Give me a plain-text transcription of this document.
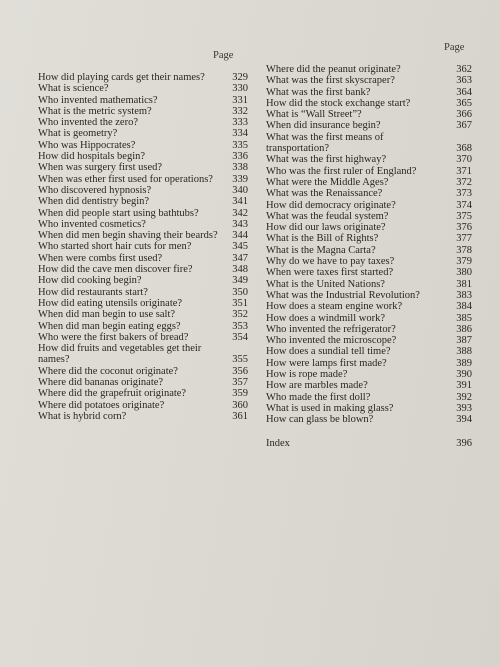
Page
How did playing cards get their names?	329
What is science?	330
Who invented mathematics?	331
What is the metric system?	332
Who invented the zero?	333
What is geometry?	334
Who was Hippocrates?	335
How did hospitals begin?	336
When was surgery first used?	338
When was ether first used for operations?	339
Who discovered hypnosis?	340
When did dentistry begin?	341
When did people start using bathtubs?	342
Who invented cosmetics?	343
When did men begin shaving their beards?	344
Who started short hair cuts for men?	345
When were combs first used?	347
How did the cave men discover fire?	348
How did cooking begin?	349
How did restaurants start?	350
How did eating utensils originate?	351
When did man begin to use salt?	352
When did man begin eating eggs?	353
Who were the first bakers of bread?	354
How did fruits and vegetables get their names?	355
Where did the coconut originate?	356
Where did bananas originate?	357
Where did the grapefruit originate?	359
Where did potatoes originate?	360
What is hybrid corn?	361
Page
Where did the peanut originate?	362
What was the first skyscraper?	363
What was the first bank?	364
How did the stock exchange start?	365
What is “Wall Street”?	366
When did insurance begin?	367
What was the first means of transportation?	368
What was the first highway?	370
Who was the first ruler of England?	371
What were the Middle Ages?	372
What was the Renaissance?	373
How did democracy originate?	374
What was the feudal system?	375
How did our laws originate?	376
What is the Bill of Rights?	377
What is the Magna Carta?	378
Why do we have to pay taxes?	379
When were taxes first started?	380
What is the United Nations?	381
What was the Industrial Revolution?	383
How does a steam engine work?	384
How does a windmill work?	385
Who invented the refrigerator?	386
Who invented the microscope?	387
How does a sundial tell time?	388
How were lamps first made?	389
How is rope made?	390
How are marbles made?	391
Who made the first doll?	392
What is used in making glass?	393
How can glass be blown?	394
Index	396
